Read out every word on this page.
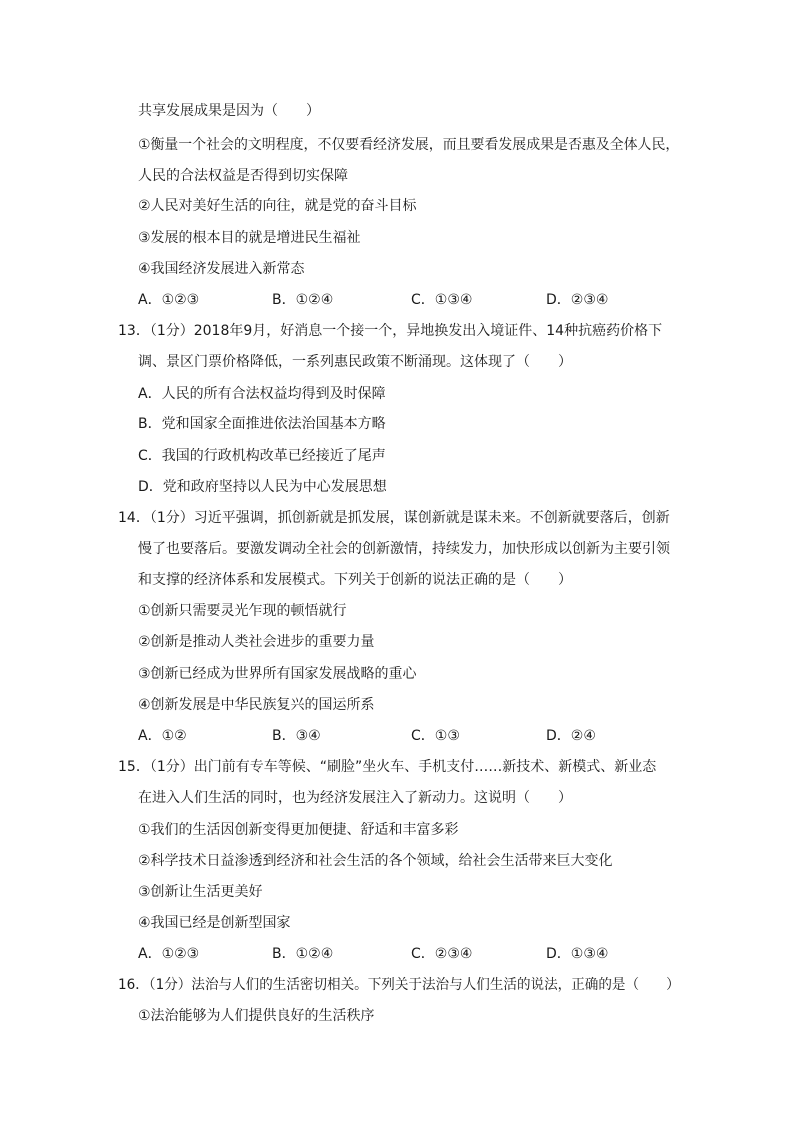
共享发展成果是因为（　　）
①衡量一个社会的文明程度，不仅要看经济发展，而且要看发展成果是否惠及全体人民，
人民的合法权益是否得到切实保障
②人民对美好生活的向往，就是党的奋斗目标
③发展的根本目的就是增进民生福祉
④我国经济发展进入新常态
A．①②③	B．①②④	C．①③④	D．②③④
13．（1分）2018年9月，好消息一个接一个，异地换发出入境证件、14种抗癌药价格下
调、景区门票价格降低，一系列惠民政策不断涌现。这体现了（　　）
A．人民的所有合法权益均得到及时保障
B．党和国家全面推进依法治国基本方略
C．我国的行政机构改革已经接近了尾声
D．党和政府坚持以人民为中心发展思想
14．（1分）习近平强调，抓创新就是抓发展，谋创新就是谋未来。不创新就要落后，创新
慢了也要落后。要激发调动全社会的创新激情，持续发力，加快形成以创新为主要引领
和支撑的经济体系和发展模式。下列关于创新的说法正确的是（　　）
①创新只需要灵光乍现的顿悟就行
②创新是推动人类社会进步的重要力量
③创新已经成为世界所有国家发展战略的重心
④创新发展是中华民族复兴的国运所系
A．①②	B．③④	C．①③	D．②④
15．（1分）出门前有专车等候、“刷脸”坐火车、手机支付……新技术、新模式、新业态
在进入人们生活的同时，也为经济发展注入了新动力。这说明（　　）
①我们的生活因创新变得更加便捷、舒适和丰富多彩
②科学技术日益渗透到经济和社会生活的各个领域，给社会生活带来巨大变化
③创新让生活更美好
④我国已经是创新型国家
A．①②③	B．①②④	C．②③④	D．①③④
16．（1分）法治与人们的生活密切相关。下列关于法治与人们生活的说法，正确的是（　　）
①法治能够为人们提供良好的生活秩序
